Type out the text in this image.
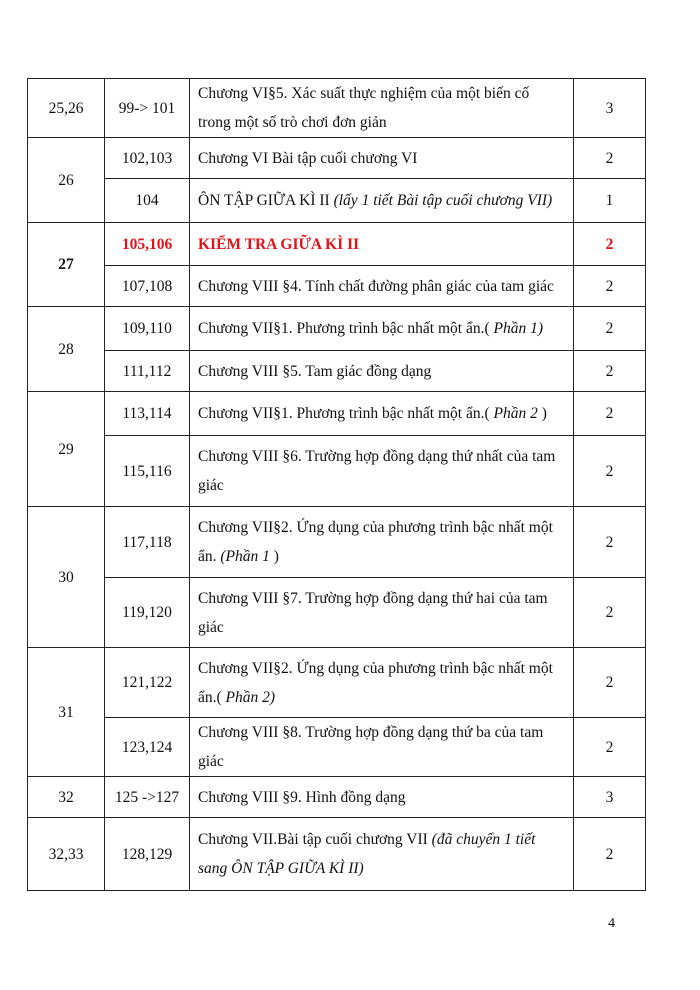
25,26	99-> 101	Chương VI§5. Xác suất thực nghiệm của một biến cố trong một số trò chơi đơn giản	3
26	102,103	Chương VI Bài tập cuối chương VI	2
	104	ÔN TẬP GIỮA KÌ II (lấy 1 tiết Bài tập cuối chương VII)	1
27	105,106	KIỂM TRA GIỮA KÌ II	2
	107,108	Chương VIII §4. Tính chất đường phân giác của tam giác	2
28	109,110	Chương VII§1. Phương trình bậc nhất một ẩn.( Phần 1)	2
	111,112	Chương VIII §5. Tam giác đồng dạng	2
29	113,114	Chương VII§1. Phương trình bậc nhất một ẩn.( Phần 2 )	2
	115,116	Chương VIII §6. Trường hợp đồng dạng thứ nhất của tam giác	2
30	117,118	Chương VII§2. Ứng dụng của phương trình bậc nhất một ẩn. (Phần 1 )	2
	119,120	Chương VIII §7. Trường hợp đồng dạng thứ hai của tam giác	2
31	121,122	Chương VII§2. Ứng dụng của phương trình bậc nhất một ẩn.( Phần 2)	2
	123,124	Chương VIII §8. Trường hợp đồng dạng thứ ba của tam giác	2
32	125 ->127	Chương VIII §9. Hình đồng dạng	3
32,33	128,129	Chương VII.Bài tập cuối chương VII (đã chuyển 1 tiết sang ÔN TẬP GIỮA KÌ II)	2
4
